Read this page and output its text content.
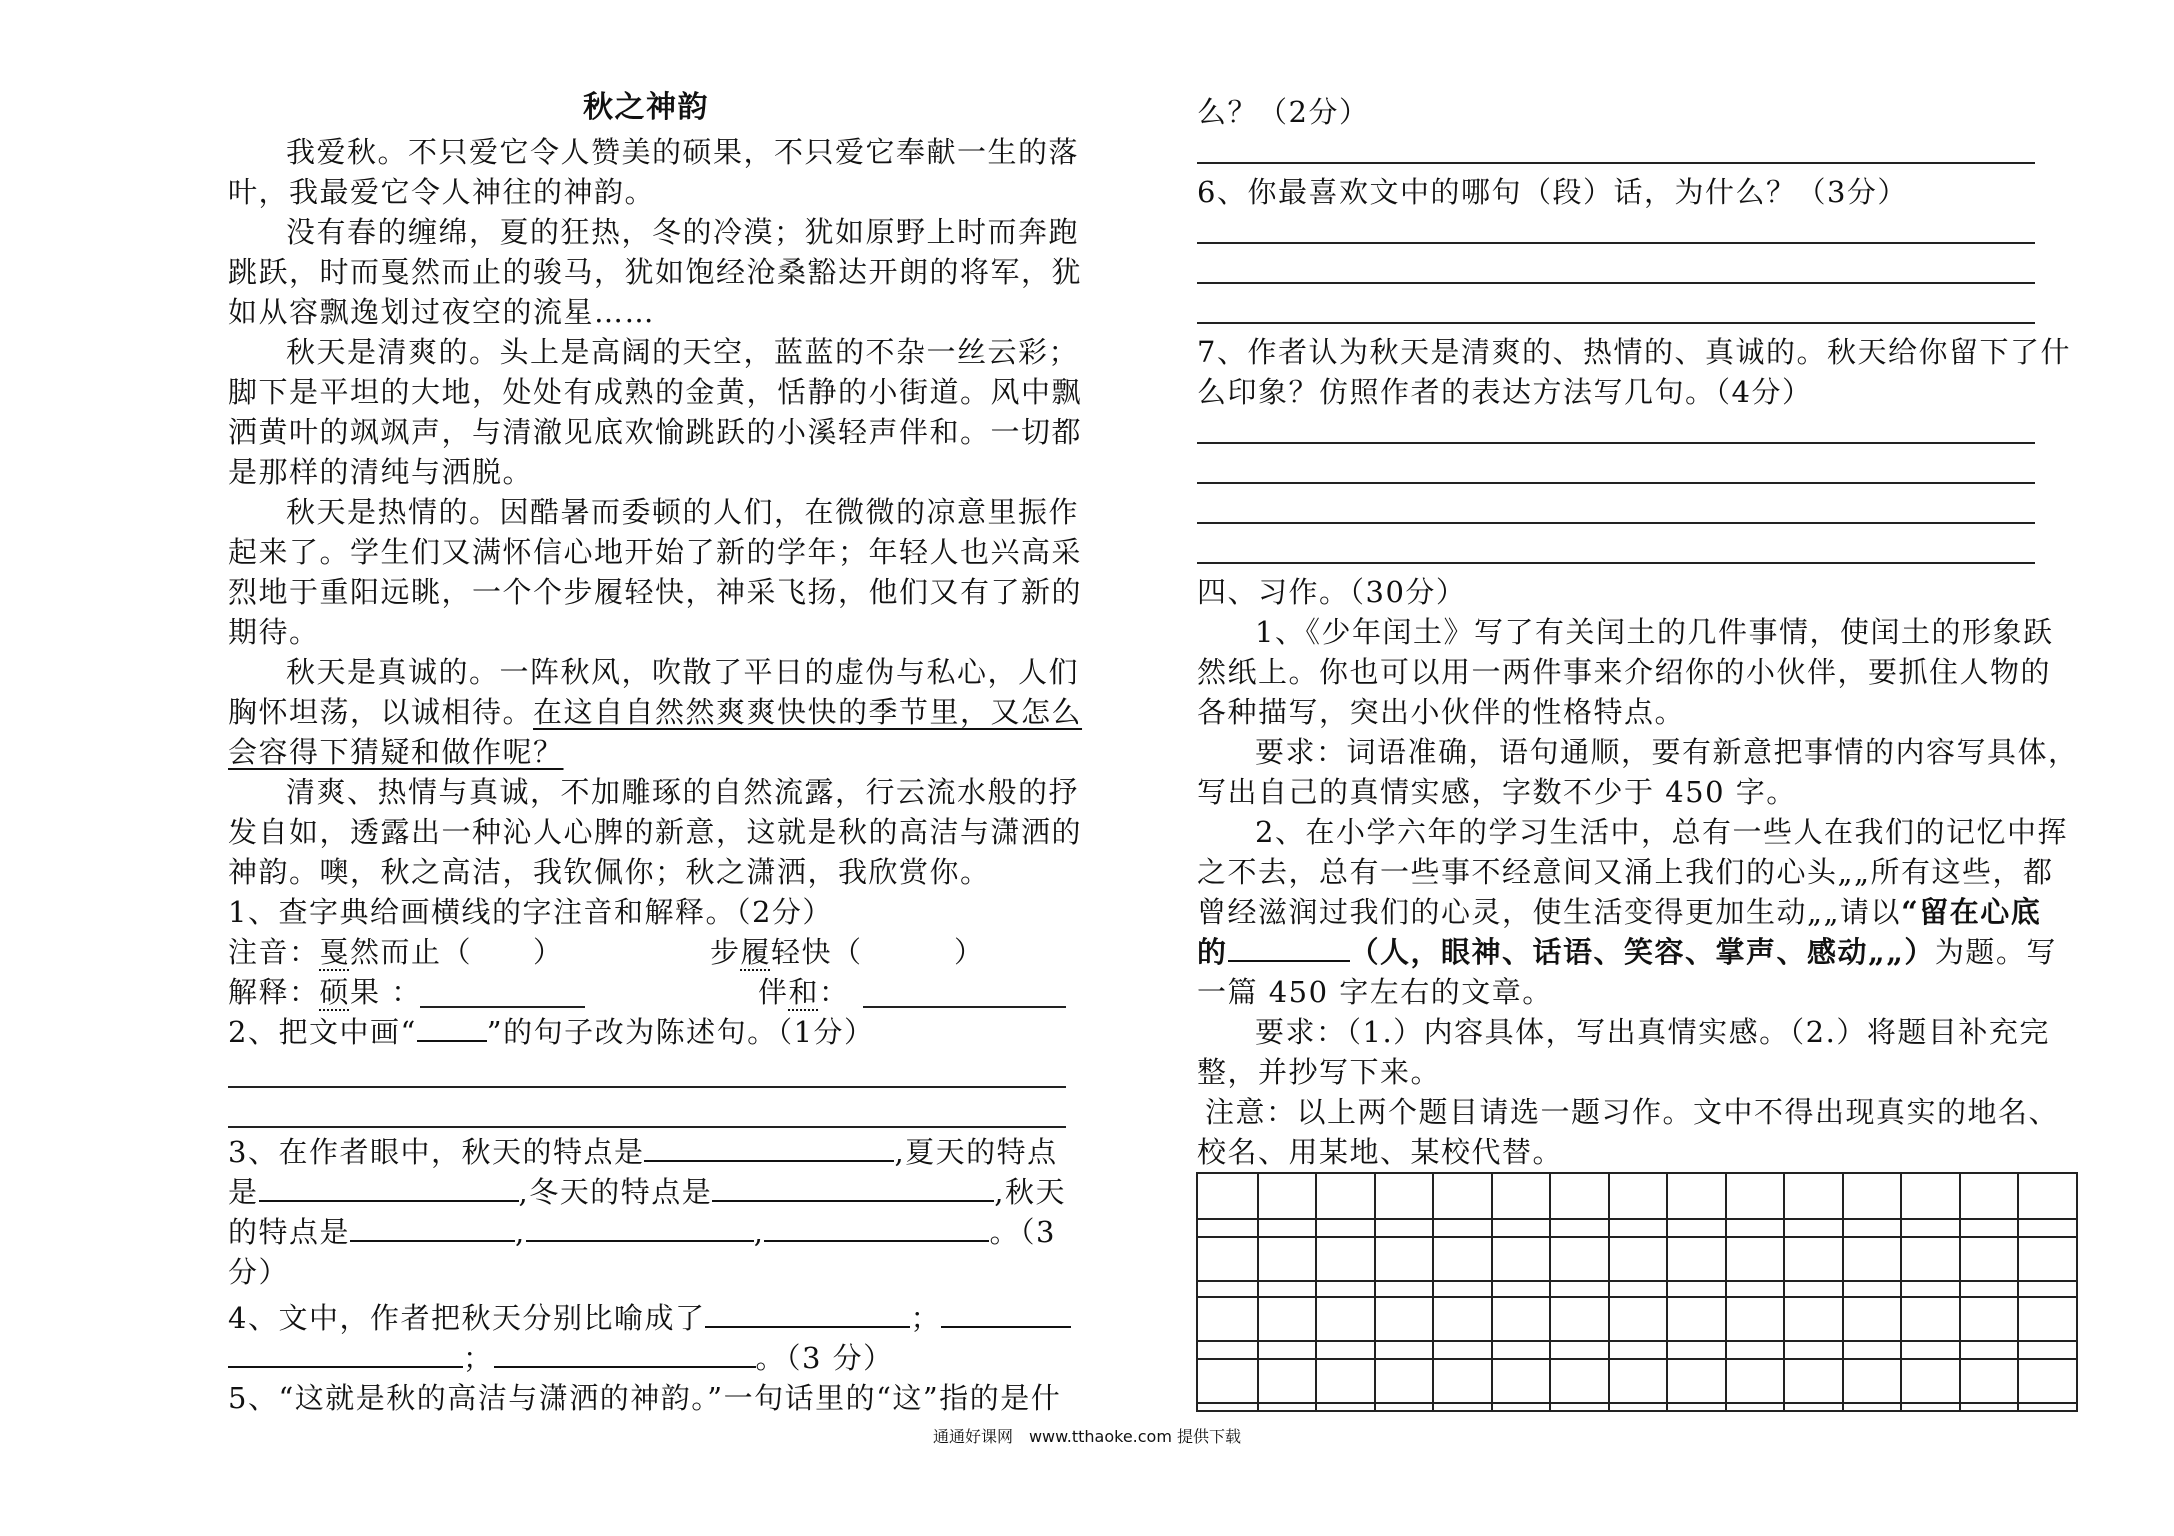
秋之神韵
我爱秋。不只爱它令人赞美的硕果，不只爱它奉献一生的落
叶，我最爱它令人神往的神韵。
没有春的缠绵，夏的狂热，冬的冷漠；犹如原野上时而奔跑
跳跃，时而戛然而止的骏马，犹如饱经沧桑豁达开朗的将军，犹
如从容飘逸划过夜空的流星……
秋天是清爽的。头上是高阔的天空，蓝蓝的不杂一丝云彩；
脚下是平坦的大地，处处有成熟的金黄，恬静的小街道。风中飘
洒黄叶的飒飒声，与清澈见底欢愉跳跃的小溪轻声伴和。一切都
是那样的清纯与洒脱。
秋天是热情的。因酷暑而委顿的人们，在微微的凉意里振作
起来了。学生们又满怀信心地开始了新的学年；年轻人也兴高采
烈地于重阳远眺，一个个步履轻快，神采飞扬，他们又有了新的
期待。
秋天是真诚的。一阵秋风，吹散了平日的虚伪与私心，人们
胸怀坦荡，以诚相待。在这自自然然爽爽快快的季节里，又怎么
会容得下猜疑和做作呢？
清爽、热情与真诚，不加雕琢的自然流露，行云流水般的抒
发自如，透露出一种沁人心脾的新意，这就是秋的高洁与潇洒的
神韵。噢，秋之高洁，我钦佩你；秋之潇洒，我欣赏你。
1、查字典给画横线的字注音和解释。（2分）
注音：戛然而止（　　）	步履轻快（　　　）
解释：硕果 ：	伴和：
2、把文中画“ ”的句子改为陈述句。（1分）
3、在作者眼中，秋天的特点是	,夏天的特点
是	,冬天的特点是	,秋天
的特点是	,	,	。（3
分）
4、文中，作者把秋天分别比喻成了	；
；	。（3 分）
5、“这就是秋的高洁与潇洒的神韵。”一句话里的“这”指的是什
么？（2分）
6、你最喜欢文中的哪句（段）话，为什么？（3分）
7、作者认为秋天是清爽的、热情的、真诚的。秋天给你留下了什
么印象？仿照作者的表达方法写几句。（4分）
四、习作。（30分）
1、《少年闰土》写了有关闰土的几件事情，使闰土的形象跃
然纸上。你也可以用一两件事来介绍你的小伙伴，要抓住人物的
各种描写，突出小伙伴的性格特点。
要求：词语准确，语句通顺，要有新意把事情的内容写具体，
写出自己的真情实感，字数不少于 450 字。
2、在小学六年的学习生活中，总有一些人在我们的记忆中挥
之不去，总有一些事不经意间又涌上我们的心头„„所有这些，都
曾经滋润过我们的心灵，使生活变得更加生动„„请以“留在心底
的	（人，眼神、话语、笑容、掌声、感动„„）为题。写
一篇 450 字左右的文章。
要求：（1.）内容具体，写出真情实感。（2.）将题目补充完
整，并抄写下来。
注意：以上两个题目请选一题习作。文中不得出现真实的地名、
校名、用某地、某校代替。
通通好课网　www.tthaoke.com 提供下载
